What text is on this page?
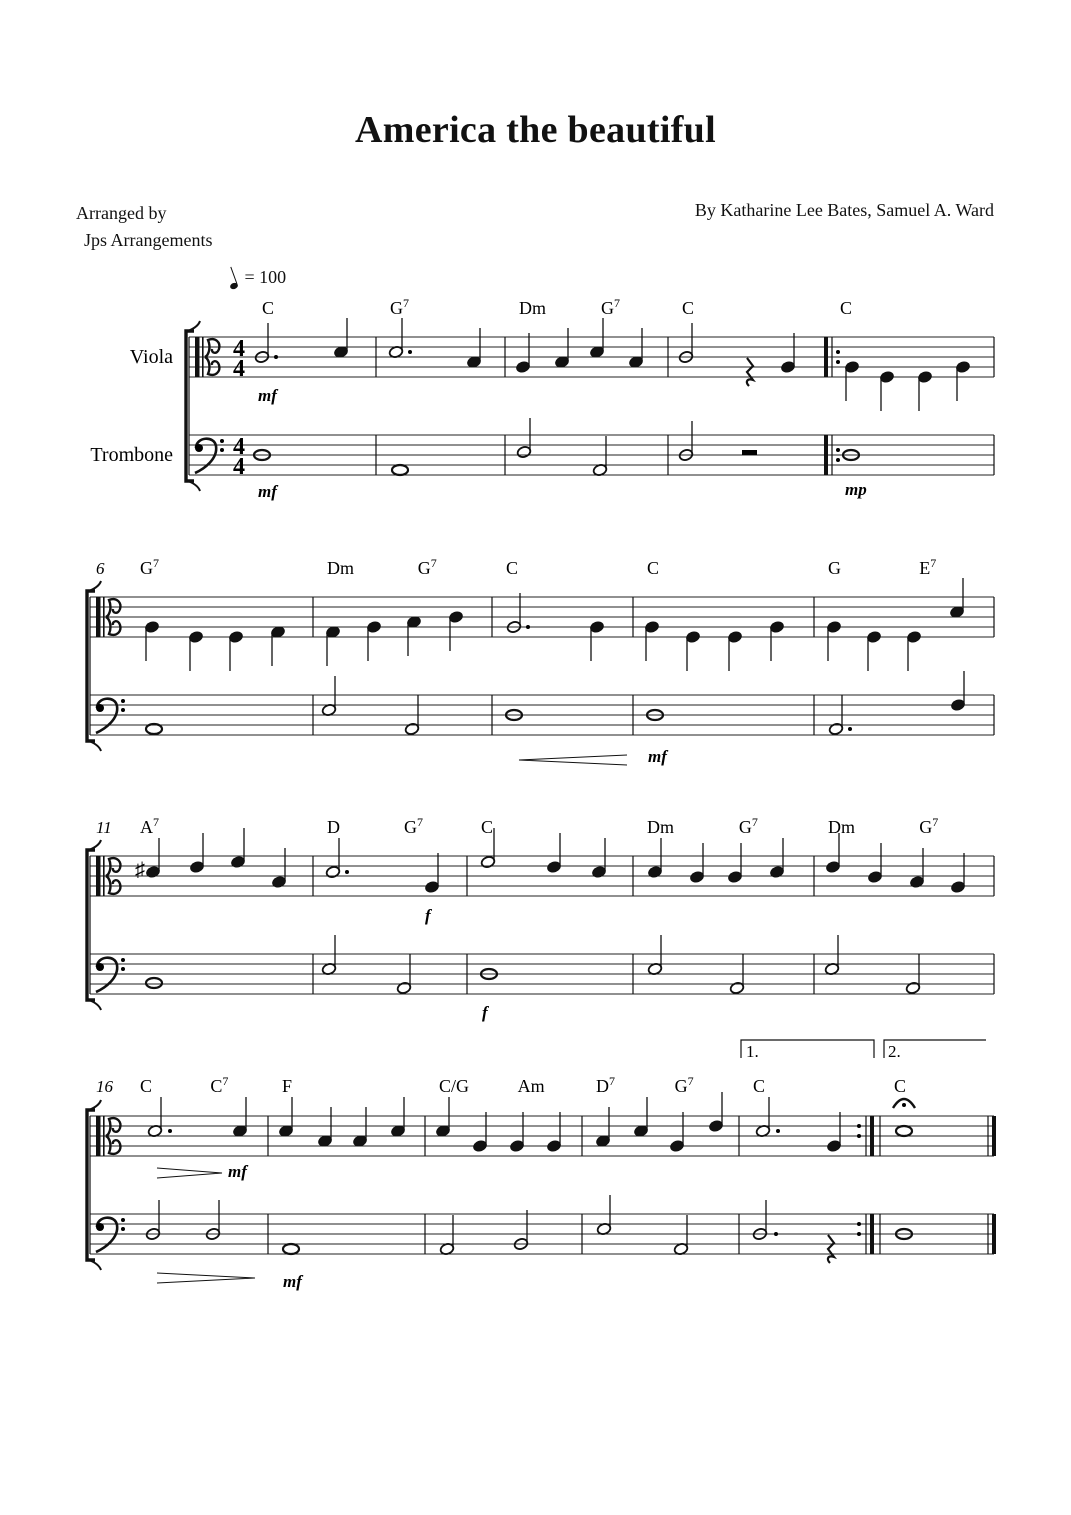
America the beautiful
Arranged by
Jps Arrangements
By Katharine Lee Bates, Samuel A. Ward
= 100
4
4
4
4
Viola
Trombone
C	$G^7$	Dm	$G^7$	C	C
6 $G^7$	Dm	$G^7$	C	C	G	$E^7$
11 $A^7$	D	$G^7$	C	Dm	$G^7$	Dm	$G^7$
16 C	$C^7$	F	C/G	Am	$D^7$	$G^7$	C	C
mf
mf	mp
mf
♯
f
f
mf
mf
1.	2.
